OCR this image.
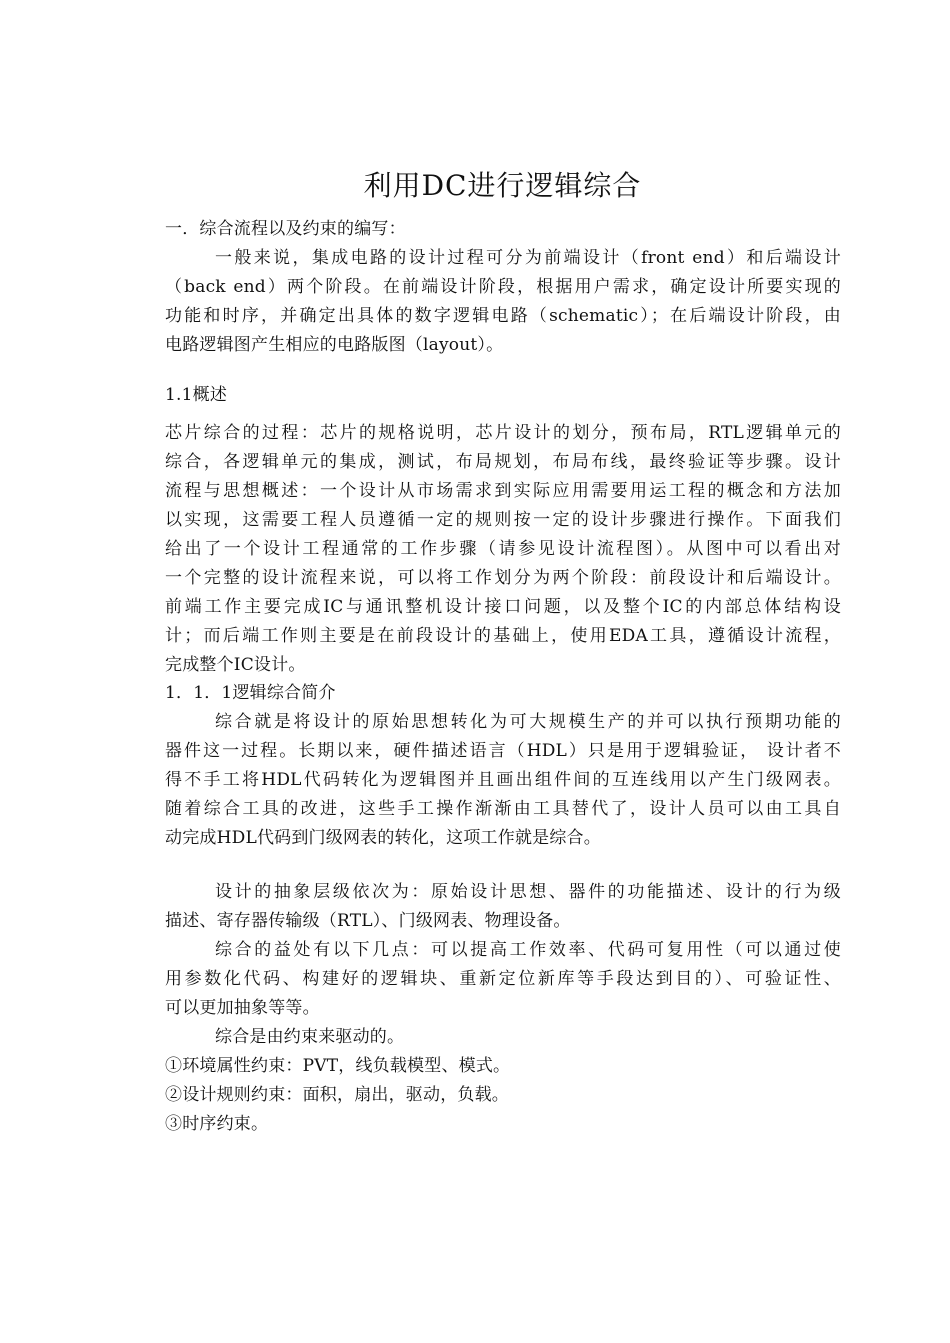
利用DC进行逻辑综合
一．综合流程以及约束的编写：
一般来说，集成电路的设计过程可分为前端设计（front end）和后端设计
（back end）两个阶段。在前端设计阶段，根据用户需求，确定设计所要实现的
功能和时序，并确定出具体的数字逻辑电路（schematic）；在后端设计阶段，由
电路逻辑图产生相应的电路版图（layout）。
1.1概述
芯片综合的过程：芯片的规格说明，芯片设计的划分，预布局，RTL逻辑单元的
综合，各逻辑单元的集成，测试，布局规划，布局布线，最终验证等步骤。设计
流程与思想概述：一个设计从市场需求到实际应用需要用运工程的概念和方法加
以实现，这需要工程人员遵循一定的规则按一定的设计步骤进行操作。下面我们
给出了一个设计工程通常的工作步骤（请参见设计流程图）。从图中可以看出对
一个完整的设计流程来说，可以将工作划分为两个阶段：前段设计和后端设计。
前端工作主要完成IC与通讯整机设计接口问题，以及整个IC的内部总体结构设
计；而后端工作则主要是在前段设计的基础上，使用EDA工具，遵循设计流程，
完成整个IC设计。
1．1．1逻辑综合简介
综合就是将设计的原始思想转化为可大规模生产的并可以执行预期功能的
器件这一过程。长期以来，硬件描述语言（HDL）只是用于逻辑验证， 设计者不
得不手工将HDL代码转化为逻辑图并且画出组件间的互连线用以产生门级网表。
随着综合工具的改进，这些手工操作渐渐由工具替代了，设计人员可以由工具自
动完成HDL代码到门级网表的转化，这项工作就是综合。
设计的抽象层级依次为：原始设计思想、器件的功能描述、设计的行为级
描述、寄存器传输级（RTL）、门级网表、物理设备。
综合的益处有以下几点：可以提高工作效率、代码可复用性（可以通过使
用参数化代码、构建好的逻辑块、重新定位新库等手段达到目的）、可验证性、
可以更加抽象等等。
综合是由约束来驱动的。
①环境属性约束：PVT，线负载模型、模式。
②设计规则约束：面积，扇出，驱动，负载。
③时序约束。
